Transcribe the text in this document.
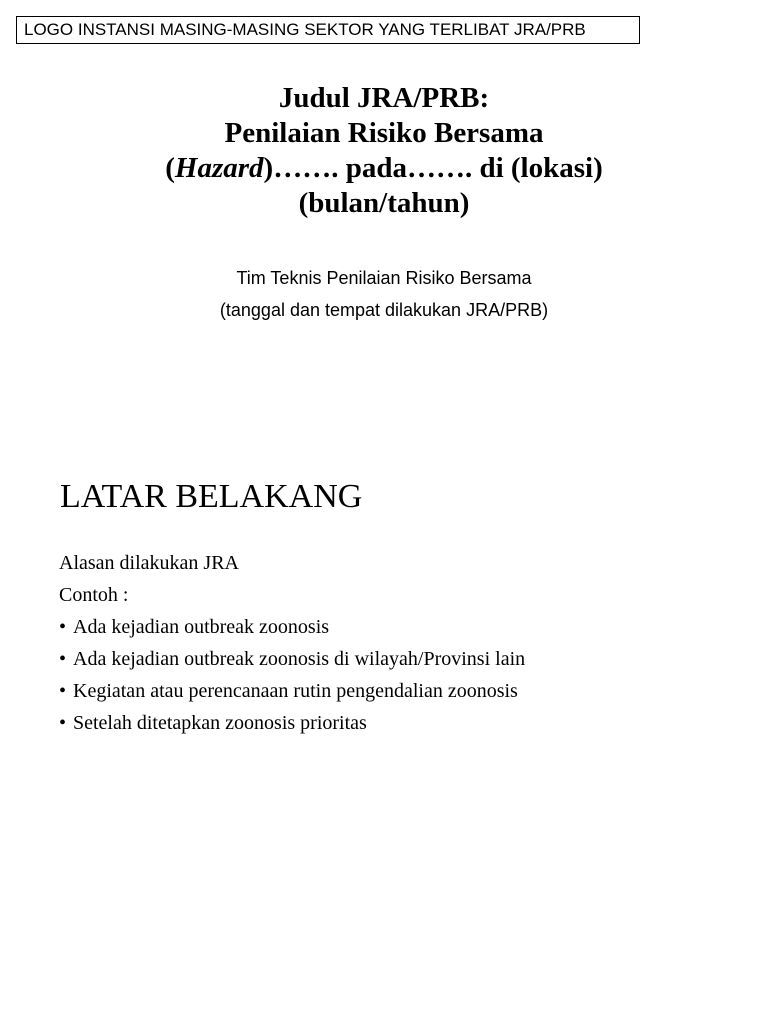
LOGO INSTANSI MASING-MASING SEKTOR YANG TERLIBAT JRA/PRB
Judul JRA/PRB:
Penilaian Risiko Bersama
(Hazard)……. pada……. di (lokasi)
(bulan/tahun)
Tim Teknis Penilaian Risiko Bersama
(tanggal dan tempat dilakukan JRA/PRB)
LATAR BELAKANG
Alasan dilakukan JRA
Contoh :
• Ada kejadian outbreak zoonosis
• Ada kejadian outbreak zoonosis di wilayah/Provinsi lain
• Kegiatan atau perencanaan rutin pengendalian zoonosis
• Setelah ditetapkan zoonosis prioritas
